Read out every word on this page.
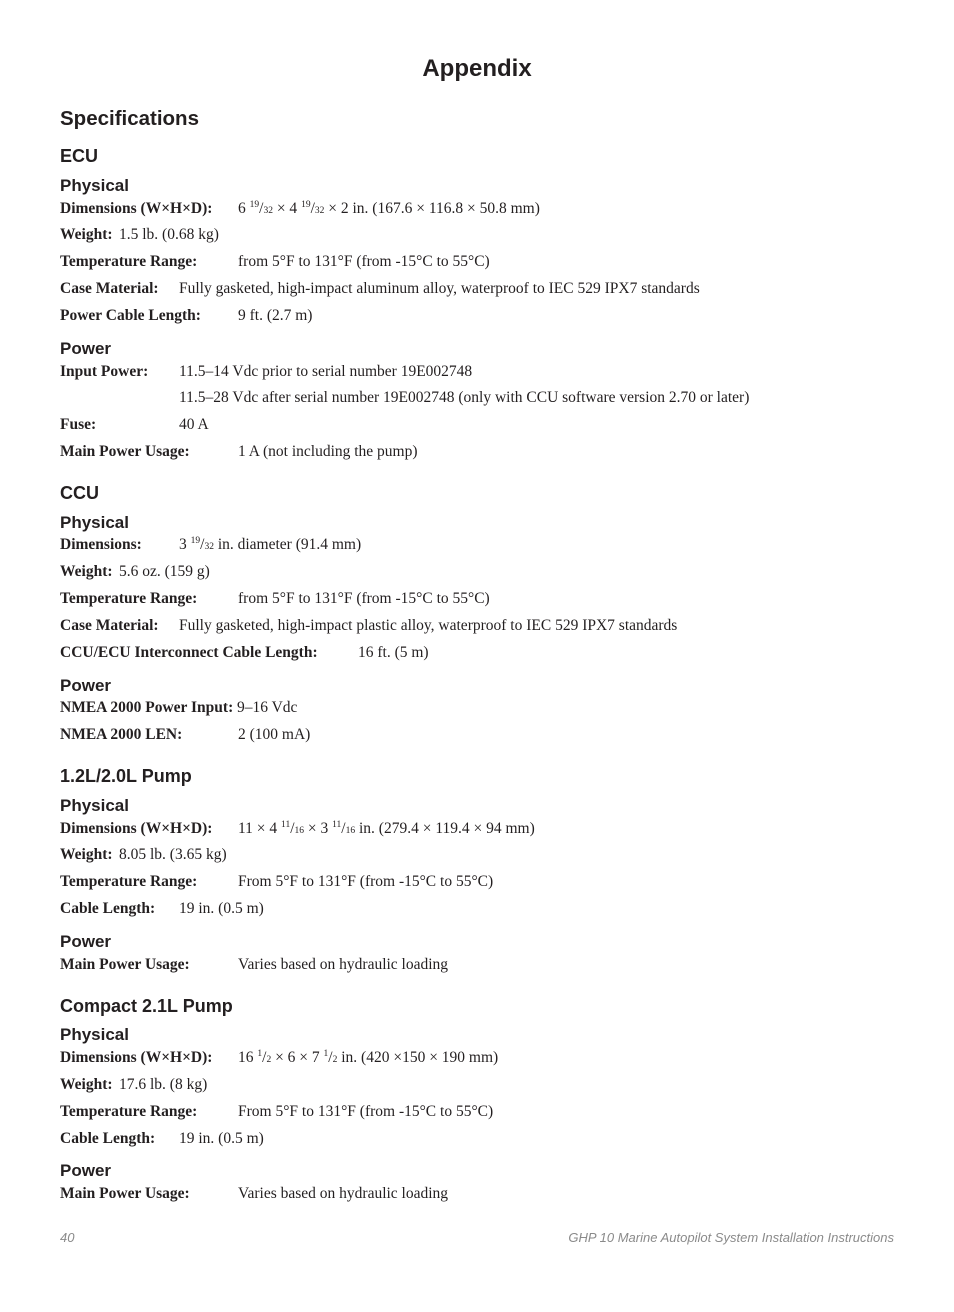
Appendix
Specifications
ECU
Physical
Dimensions (W×H×D): 6 $^{19}$/32 × 4 $^{19}$/32 × 2 in. (167.6 × 116.8 × 50.8 mm)
Weight: 1.5 lb. (0.68 kg)
Temperature Range:	from 5°F to 131°F (from -15°C to 55°C)
Case Material: Fully gasketed, high-impact aluminum alloy, waterproof to IEC 529 IPX7 standards
Power Cable Length: 9 ft. (2.7 m)
Power
Input Power: 11.5–14 Vdc prior to serial number 19E002748
11.5–28 Vdc after serial number 19E002748 (only with CCU software version 2.70 or later)
Fuse:	40 A
Main Power Usage:	1 A (not including the pump)
CCU
Physical
Dimensions: 3 $^{19}$/32 in. diameter (91.4 mm)
Weight: 5.6 oz. (159 g)
Temperature Range:	from 5°F to 131°F (from -15°C to 55°C)
Case Material: Fully gasketed, high-impact plastic alloy, waterproof to IEC 529 IPX7 standards
CCU/ECU Interconnect Cable Length:	16 ft. (5 m)
Power
NMEA 2000 Power Input: 9–16 Vdc
NMEA 2000 LEN:	2 (100 mA)
1.2L/2.0L Pump
Physical
Dimensions (W×H×D): 11 × 4 $^{11}$/16 × 3 $^{11}$/16 in. (279.4 × 119.4 × 94 mm)
Weight: 8.05 lb. (3.65 kg)
Temperature Range:	From 5°F to 131°F (from -15°C to 55°C)
Cable Length: 19 in. (0.5 m)
Power
Main Power Usage:	Varies based on hydraulic loading
Compact 2.1L Pump
Physical
Dimensions (W×H×D): 16 $^1$/2 × 6 × 7 $^1$/2 in. (420 ×150 × 190 mm)
Weight: 17.6 lb. (8 kg)
Temperature Range:	From 5°F to 131°F (from -15°C to 55°C)
Cable Length: 19 in. (0.5 m)
Power
Main Power Usage:	Varies based on hydraulic loading
40	GHP 10 Marine Autopilot System Installation Instructions
